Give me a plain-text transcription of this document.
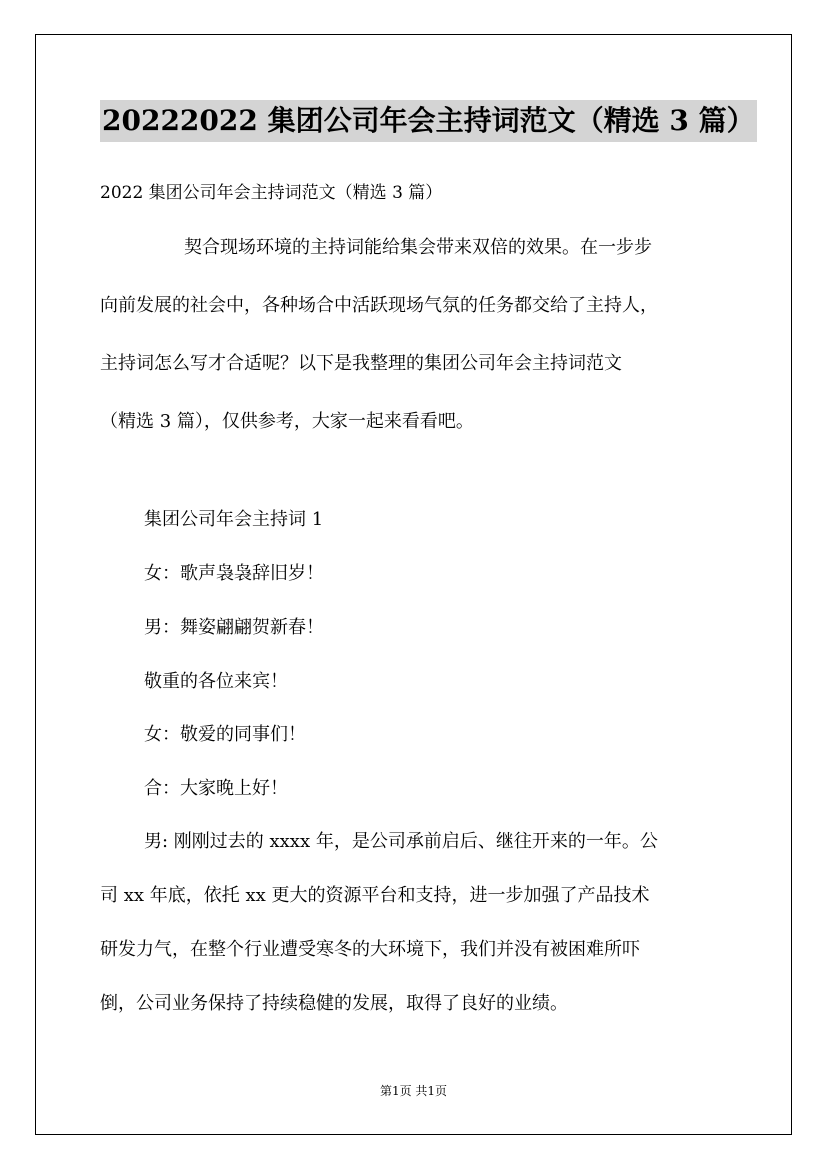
20222022 集团公司年会主持词范文（精选 3 篇）
2022 集团公司年会主持词范文（精选 3 篇）
契合现场环境的主持词能给集会带来双倍的效果。在一步步
向前发展的社会中，各种场合中活跃现场气氛的任务都交给了主持人，
主持词怎么写才合适呢？以下是我整理的集团公司年会主持词范文
（精选 3 篇），仅供参考，大家一起来看看吧。
集团公司年会主持词 1
女：歌声袅袅辞旧岁！
男：舞姿翩翩贺新春！
敬重的各位来宾！
女：敬爱的同事们！
合：大家晚上好！
男: 刚刚过去的 xxxx 年，是公司承前启后、继往开来的一年。公
司 xx 年底，依托 xx 更大的资源平台和支持，进一步加强了产品技术
研发力气，在整个行业遭受寒冬的大环境下，我们并没有被困难所吓
倒，公司业务保持了持续稳健的发展，取得了良好的业绩。
第1页 共1页
